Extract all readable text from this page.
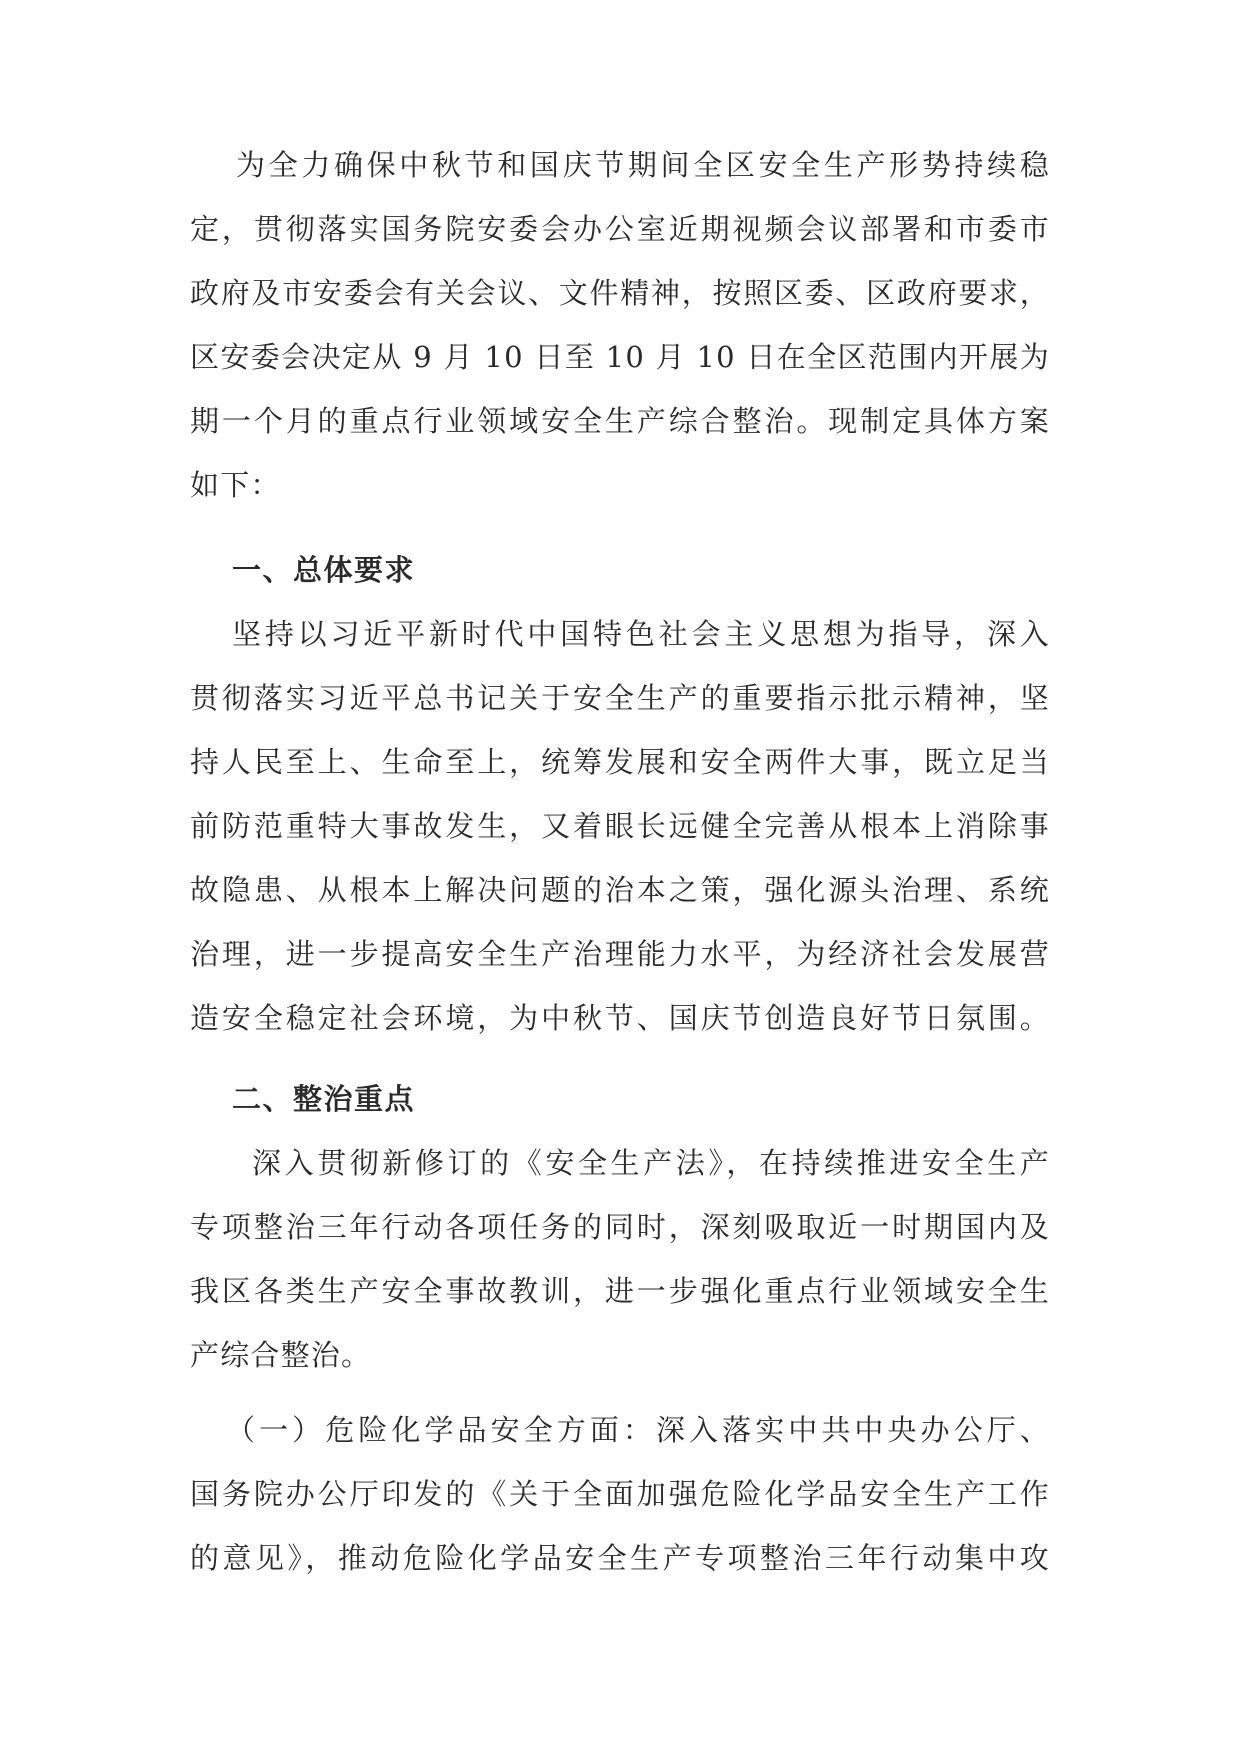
为全力确保中秋节和国庆节期间全区安全生产形势持续稳
定，贯彻落实国务院安委会办公室近期视频会议部署和市委市
政府及市安委会有关会议、文件精神，按照区委、区政府要求，
区安委会决定从 9 月 10 日至 10 月 10 日在全区范围内开展为
期一个月的重点行业领域安全生产综合整治。现制定具体方案
如下：
一、总体要求
坚持以习近平新时代中国特色社会主义思想为指导，深入
贯彻落实习近平总书记关于安全生产的重要指示批示精神，坚
持人民至上、生命至上，统筹发展和安全两件大事，既立足当
前防范重特大事故发生，又着眼长远健全完善从根本上消除事
故隐患、从根本上解决问题的治本之策，强化源头治理、系统
治理，进一步提高安全生产治理能力水平，为经济社会发展营
造安全稳定社会环境，为中秋节、国庆节创造良好节日氛围。
二、整治重点
深入贯彻新修订的《安全生产法》，在持续推进安全生产
专项整治三年行动各项任务的同时，深刻吸取近一时期国内及
我区各类生产安全事故教训，进一步强化重点行业领域安全生
产综合整治。
（一）危险化学品安全方面：深入落实中共中央办公厅、
国务院办公厅印发的《关于全面加强危险化学品安全生产工作
的意见》，推动危险化学品安全生产专项整治三年行动集中攻
